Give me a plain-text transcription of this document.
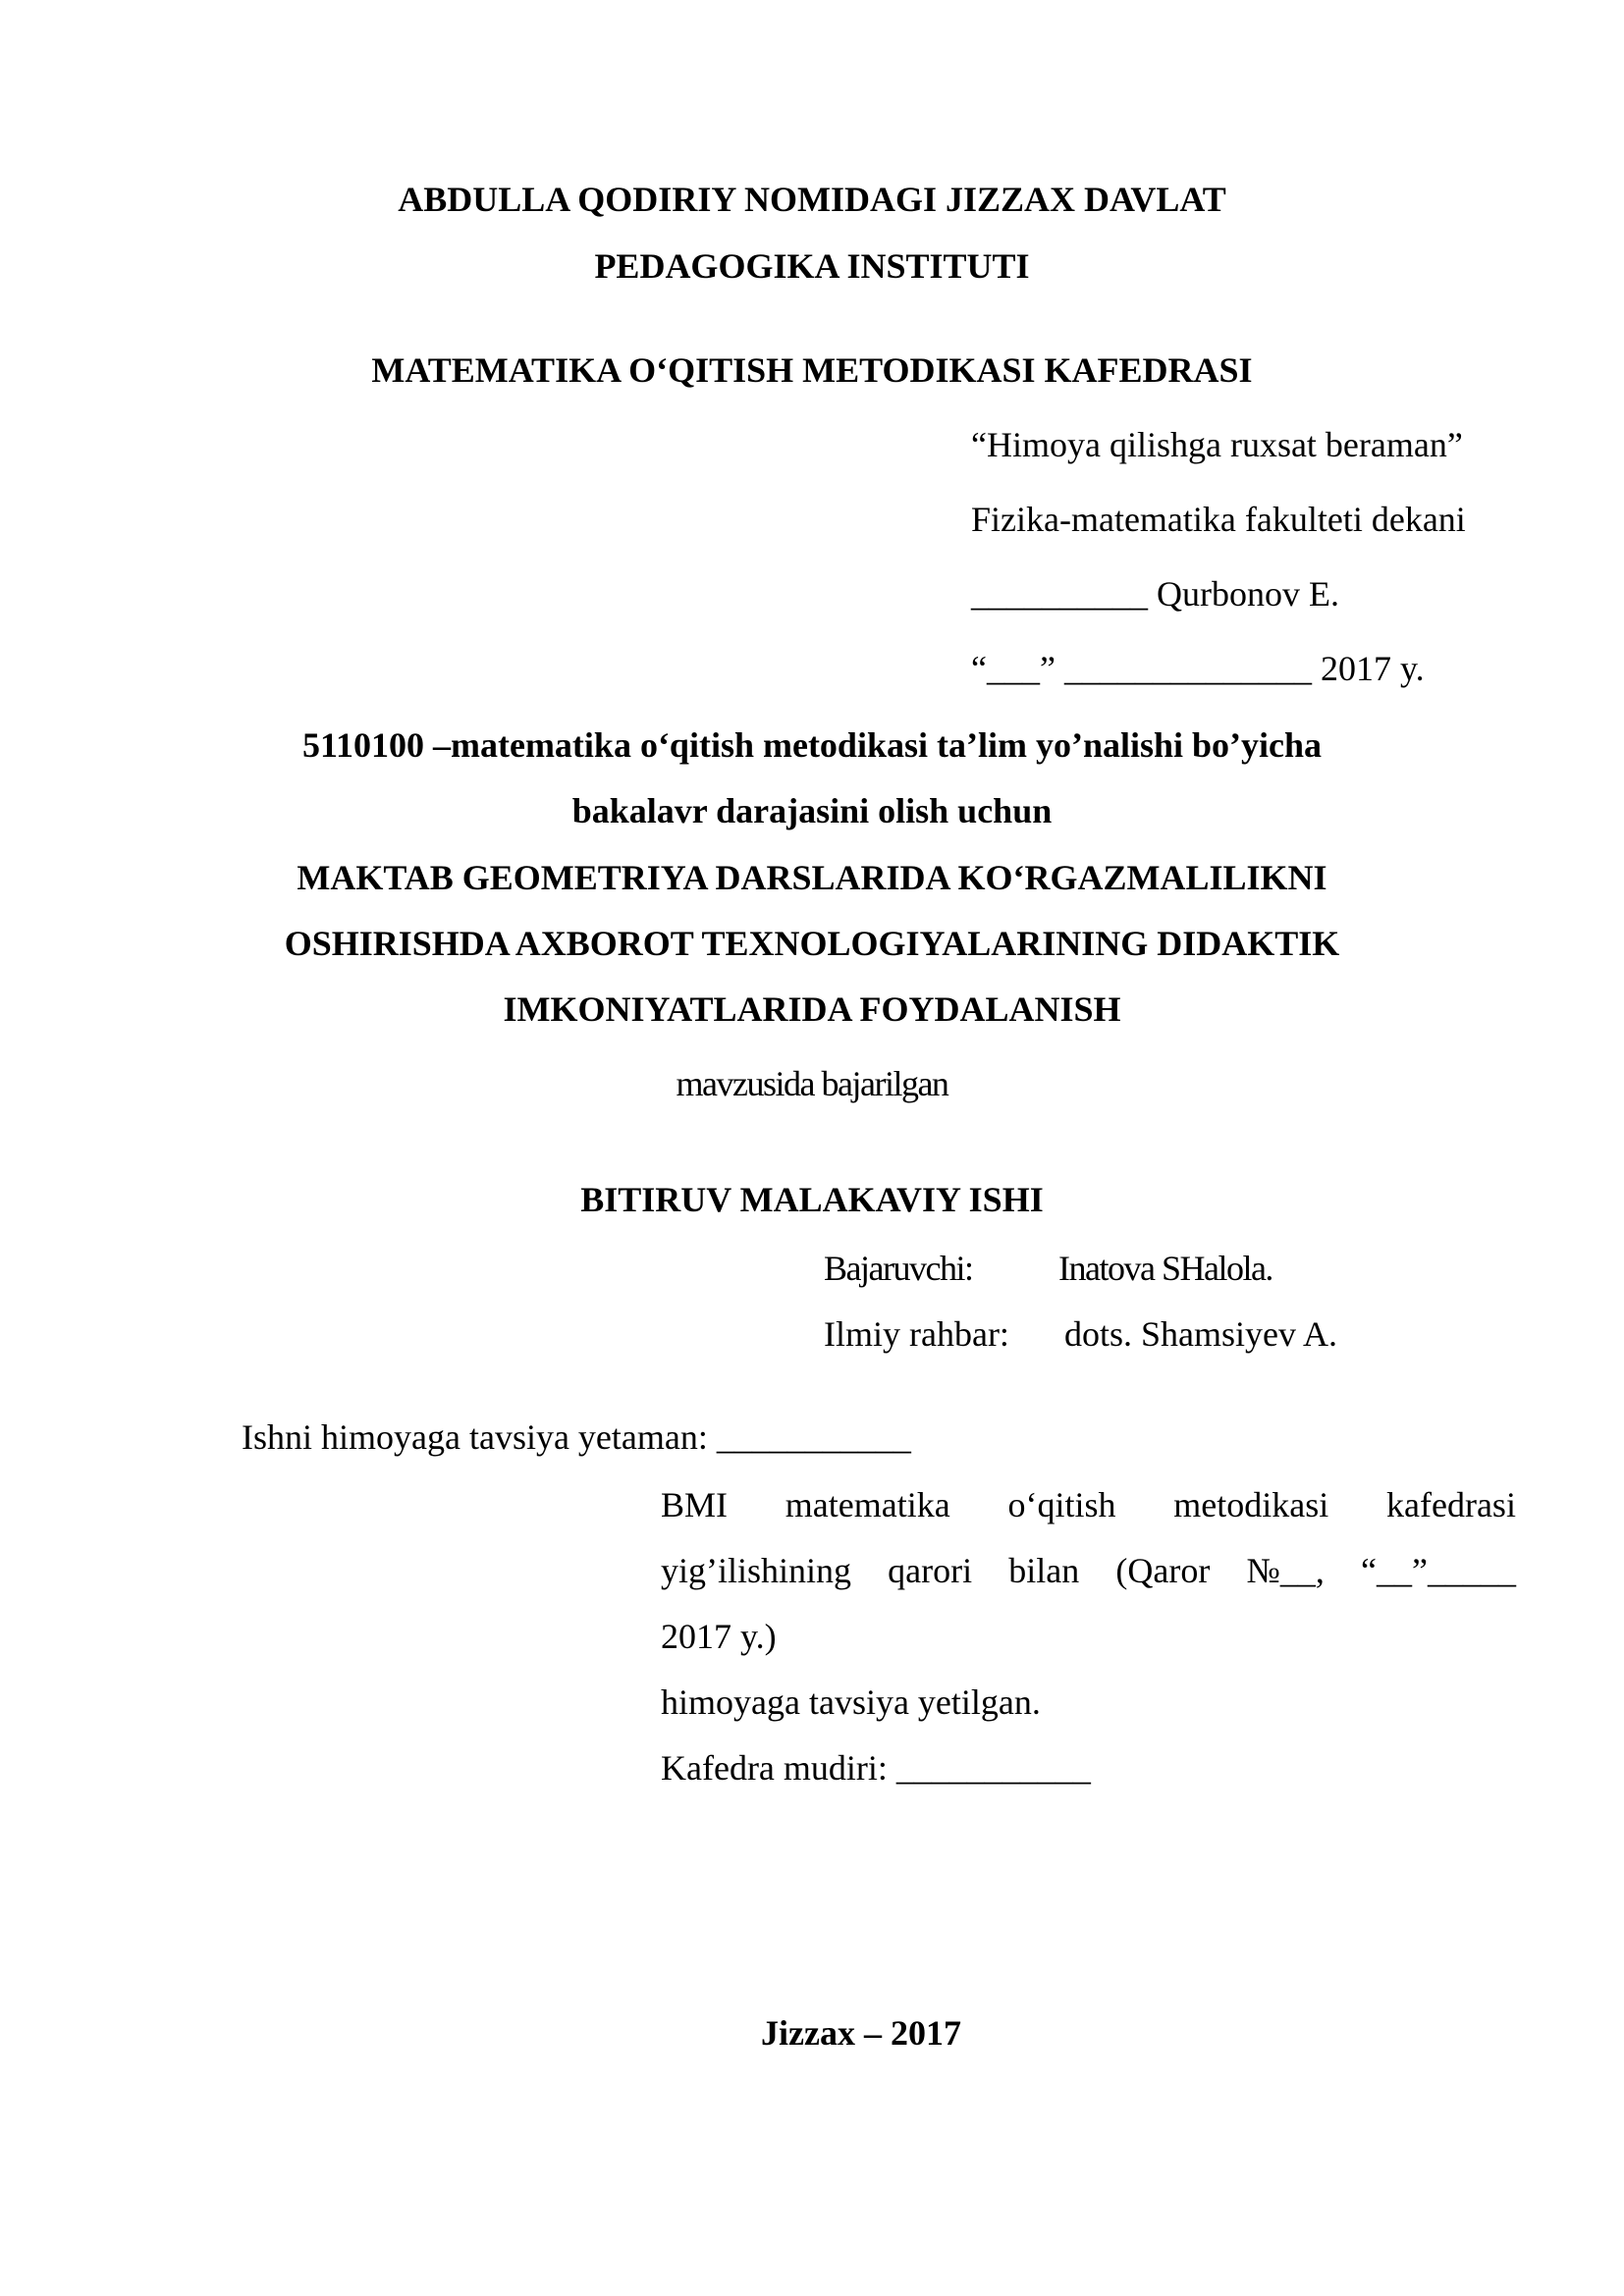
ABDULLA QODIRIY NOMIDAGI JIZZAX DAVLAT
PEDAGOGIKA INSTITUTI
MATEMATIKA O‘QITISH METODIKASI KAFEDRASI
“Himoya qilishga ruxsat beraman”
Fizika-matematika fakulteti dekani
__________ Qurbonov E.
“___” ______________ 2017 y.
5110100 –matematika o‘qitish metodikasi ta’lim yo’nalishi bo’yicha
bakalavr darajasini olish uchun
MAKTAB GEOMETRIYA DARSLARIDA KO‘RGAZMALILIKNI
OSHIRISHDA AXBOROT TEXNOLOGIYALARINING DIDAKTIK
IMKONIYATLARIDA FOYDALANISH
mavzusida bajarilgan
BITIRUV MALAKAVIY ISHI
Bajaruvchi: Inatova SHalola.
Ilmiy rahbar: dots. Shamsiyev A.
Ishni himoyaga tavsiya yetaman: ___________
BMI matematika o‘qitish metodikasi kafedrasi
yig’ilishining qarori bilan (Qaror №__, “__”_____
2017 y.)
himoyaga tavsiya yetilgan.
Kafedra mudiri: ___________
Jizzax – 2017
